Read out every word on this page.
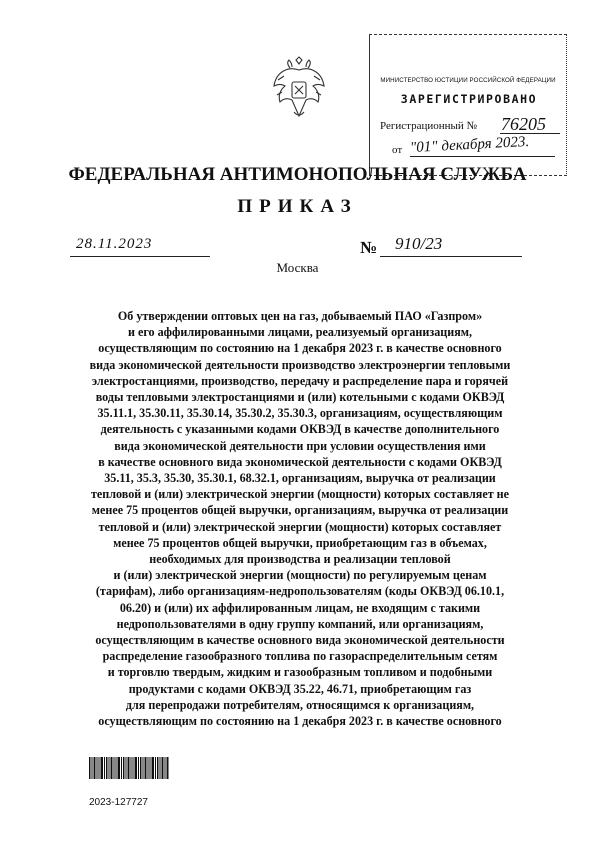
МИНИСТЕРСТВО ЮСТИЦИИ РОССИЙСКОЙ ФЕДЕРАЦИИ
ЗАРЕГИСТРИРОВАНО
Регистрационный № 76205
от "01" декабря 2023.
ФЕДЕРАЛЬНАЯ АНТИМОНОПОЛЬНАЯ СЛУЖБА
ПРИКАЗ
28.11.2023	№ 910/23
Москва
Об утверждении оптовых цен на газ, добываемый ПАО «Газпром»
и его аффилированными лицами, реализуемый организациям,
осуществляющим по состоянию на 1 декабря 2023 г. в качестве основного
вида экономической деятельности производство электроэнергии тепловыми
электростанциями, производство, передачу и распределение пара и горячей
воды тепловыми электростанциями и (или) котельными с кодами ОКВЭД
35.11.1, 35.30.11, 35.30.14, 35.30.2, 35.30.3, организациям, осуществляющим
деятельность с указанными кодами ОКВЭД в качестве дополнительного
вида экономической деятельности при условии осуществления ими
в качестве основного вида экономической деятельности с кодами ОКВЭД
35.11, 35.3, 35.30, 35.30.1, 68.32.1, организациям, выручка от реализации
тепловой и (или) электрической энергии (мощности) которых составляет не
менее 75 процентов общей выручки, организациям, выручка от реализации
тепловой и (или) электрической энергии (мощности) которых составляет
менее 75 процентов общей выручки, приобретающим газ в объемах,
необходимых для производства и реализации тепловой
и (или) электрической энергии (мощности) по регулируемым ценам
(тарифам), либо организациям-недропользователям (коды ОКВЭД 06.10.1,
06.20) и (или) их аффилированным лицам, не входящим с такими
недропользователями в одну группу компаний, или организациям,
осуществляющим в качестве основного вида экономической деятельности
распределение газообразного топлива по газораспределительным сетям
и торговлю твердым, жидким и газообразным топливом и подобными
продуктами с кодами ОКВЭД 35.22, 46.71, приобретающим газ
для перепродажи потребителям, относящимся к организациям,
осуществляющим по состоянию на 1 декабря 2023 г. в качестве основного
2023-127727
